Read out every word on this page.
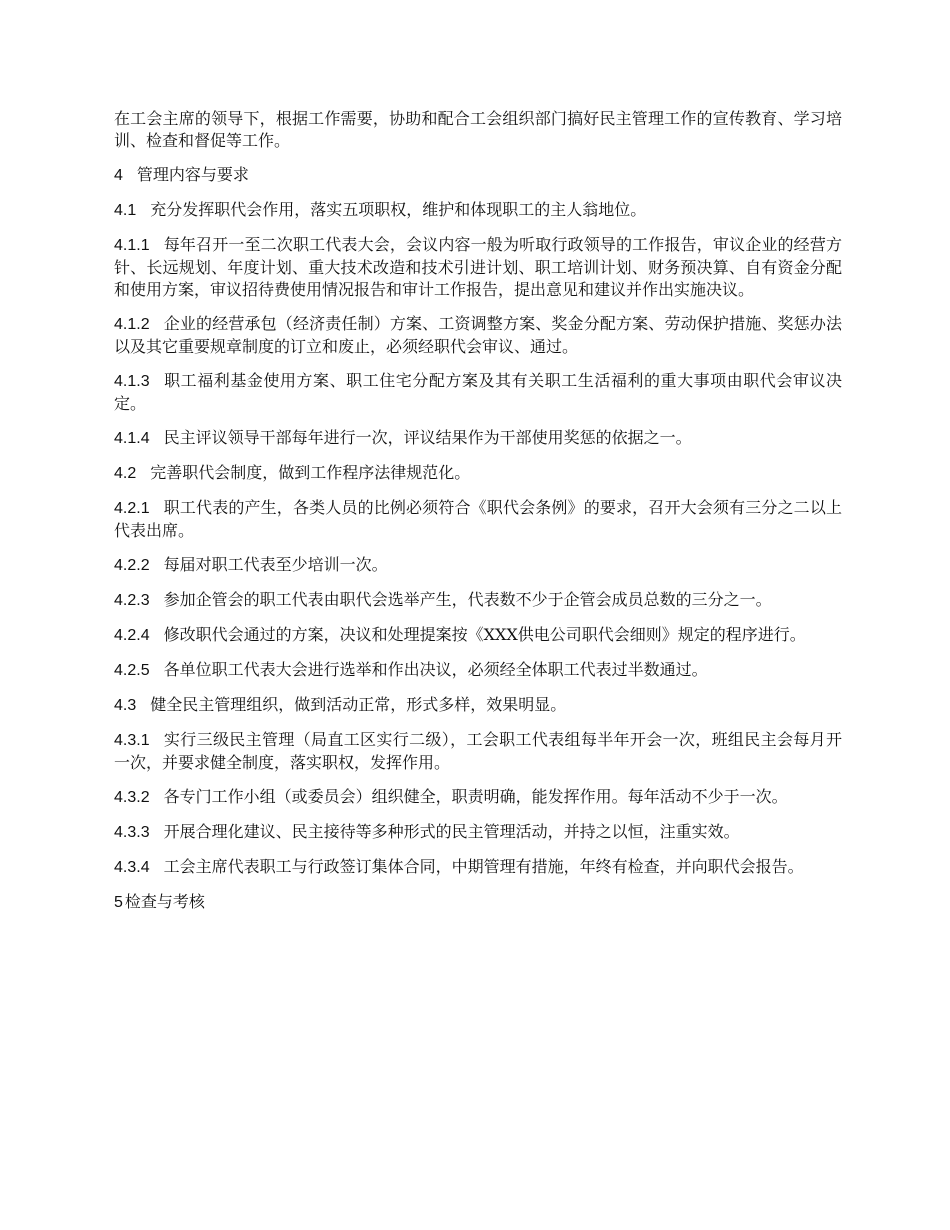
在工会主席的领导下，根据工作需要，协助和配合工会组织部门搞好民主管理工作的宣传教育、学习培训、检查和督促等工作。

4 管理内容与要求

4.1 充分发挥职代会作用，落实五项职权，维护和体现职工的主人翁地位。

4.1.1 每年召开一至二次职工代表大会，会议内容一般为听取行政领导的工作报告，审议企业的经营方针、长远规划、年度计划、重大技术改造和技术引进计划、职工培训计划、财务预决算、自有资金分配和使用方案，审议招待费使用情况报告和审计工作报告，提出意见和建议并作出实施决议。

4.1.2 企业的经营承包（经济责任制）方案、工资调整方案、奖金分配方案、劳动保护措施、奖惩办法以及其它重要规章制度的订立和废止，必须经职代会审议、通过。

4.1.3 职工福利基金使用方案、职工住宅分配方案及其有关职工生活福利的重大事项由职代会审议决定。

4.1.4 民主评议领导干部每年进行一次，评议结果作为干部使用奖惩的依据之一。

4.2 完善职代会制度，做到工作程序法律规范化。

4.2.1 职工代表的产生，各类人员的比例必须符合《职代会条例》的要求，召开大会须有三分之二以上代表出席。

4.2.2 每届对职工代表至少培训一次。

4.2.3 参加企管会的职工代表由职代会选举产生，代表数不少于企管会成员总数的三分之一。

4.2.4 修改职代会通过的方案，决议和处理提案按《XXX供电公司职代会细则》规定的程序进行。

4.2.5 各单位职工代表大会进行选举和作出决议，必须经全体职工代表过半数通过。

4.3 健全民主管理组织，做到活动正常，形式多样，效果明显。

4.3.1 实行三级民主管理（局直工区实行二级），工会职工代表组每半年开会一次，班组民主会每月开一次，并要求健全制度，落实职权，发挥作用。

4.3.2 各专门工作小组（或委员会）组织健全，职责明确，能发挥作用。每年活动不少于一次。

4.3.3 开展合理化建议、民主接待等多种形式的民主管理活动，并持之以恒，注重实效。

4.3.4 工会主席代表职工与行政签订集体合同，中期管理有措施，年终有检查，并向职代会报告。

5 检查与考核
